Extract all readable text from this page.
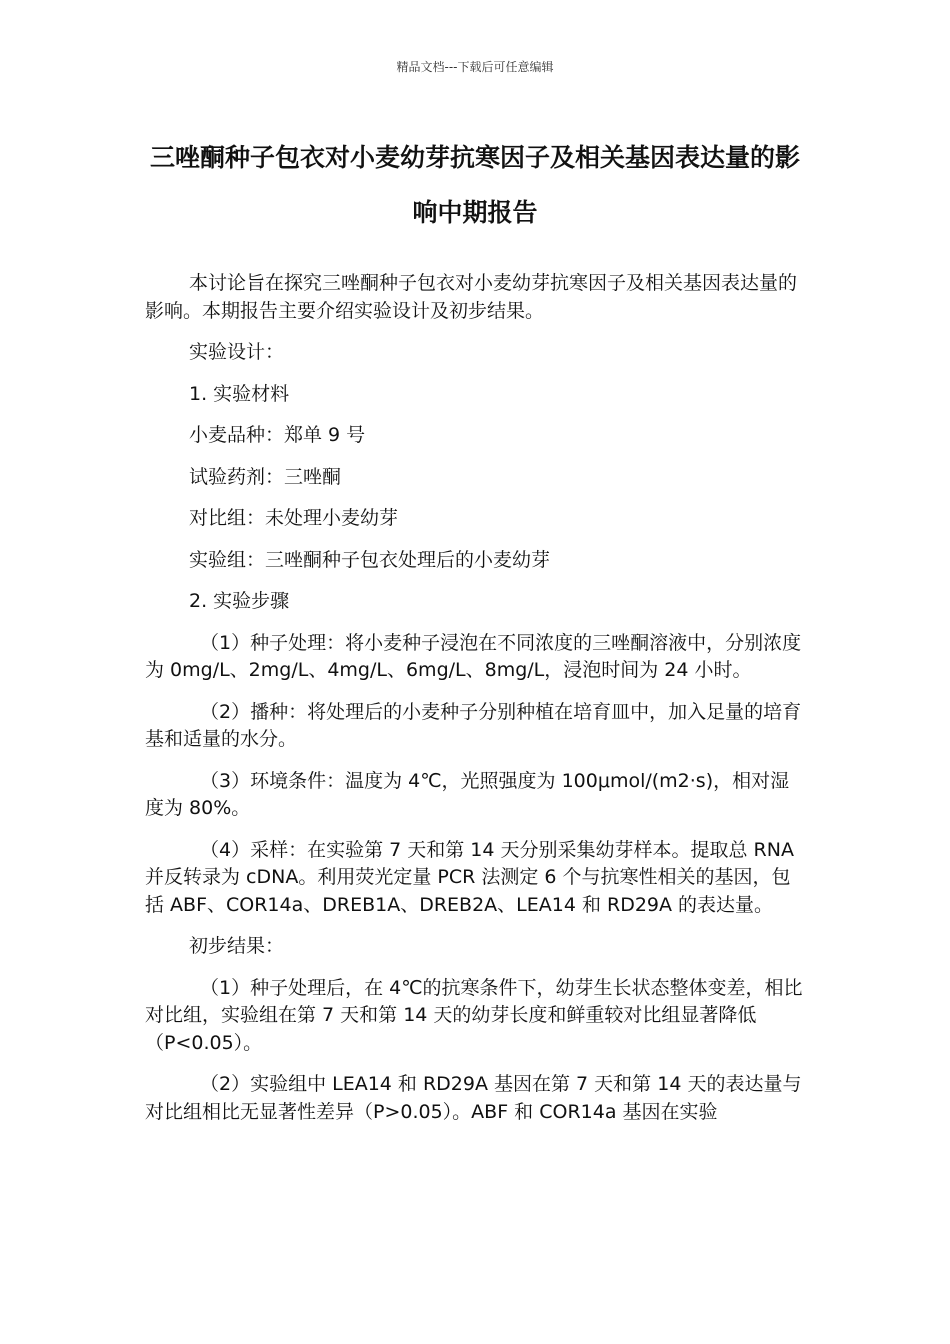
精品文档---下载后可任意编辑
三唑酮种子包衣对小麦幼芽抗寒因子及相关基因表达量的影响中期报告

本讨论旨在探究三唑酮种子包衣对小麦幼芽抗寒因子及相关基因表达量的影响。本期报告主要介绍实验设计及初步结果。

实验设计：

1. 实验材料

小麦品种：郑单 9 号

试验药剂：三唑酮

对比组：未处理小麦幼芽

实验组：三唑酮种子包衣处理后的小麦幼芽

2. 实验步骤

（1）种子处理：将小麦种子浸泡在不同浓度的三唑酮溶液中，分别浓度为 0mg/L、2mg/L、4mg/L、6mg/L、8mg/L，浸泡时间为 24 小时。

（2）播种：将处理后的小麦种子分别种植在培育皿中，加入足量的培育基和适量的水分。

（3）环境条件：温度为 4℃，光照强度为 100μmol/(m2·s)，相对湿度为 80%。

（4）采样：在实验第 7 天和第 14 天分别采集幼芽样本。提取总 RNA 并反转录为 cDNA。利用荧光定量 PCR 法测定 6 个与抗寒性相关的基因，包括 ABF、COR14a、DREB1A、DREB2A、LEA14 和 RD29A 的表达量。

初步结果：

（1）种子处理后，在 4℃的抗寒条件下，幼芽生长状态整体变差，相比对比组，实验组在第 7 天和第 14 天的幼芽长度和鲜重较对比组显著降低（P<0.05）。

（2）实验组中 LEA14 和 RD29A 基因在第 7 天和第 14 天的表达量与对比组相比无显著性差异（P>0.05）。ABF 和 COR14a 基因在实验
